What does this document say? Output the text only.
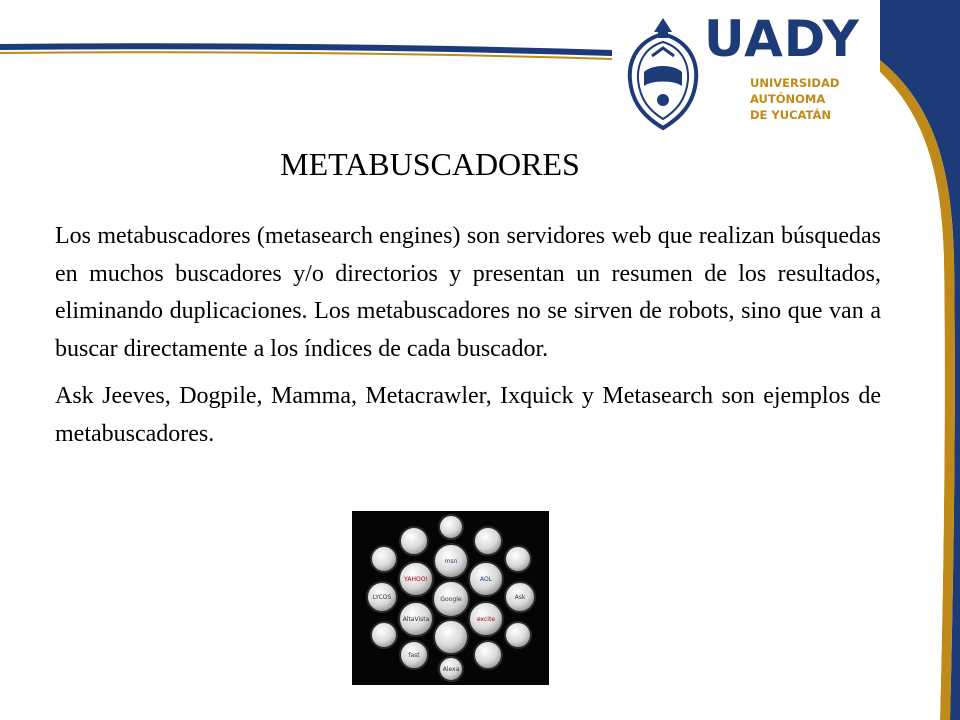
UADY
UNIVERSIDAD
AUTÓNOMA
DE YUCATÁN
METABUSCADORES

Los metabuscadores (metasearch engines) son servidores web que realizan búsquedas en muchos buscadores y/o directorios y presentan un resumen de los resultados, eliminando duplicaciones. Los metabuscadores no se sirven de robots, sino que van a buscar directamente a los índices de cada buscador.

Ask Jeeves, Dogpile, Mamma, Metacrawler, Ixquick y Metasearch son ejemplos de metabuscadores.

Google
msn
AOL
YAHOO!
LYCOS	Ask
excite
AltaVista
Alexa
fast
